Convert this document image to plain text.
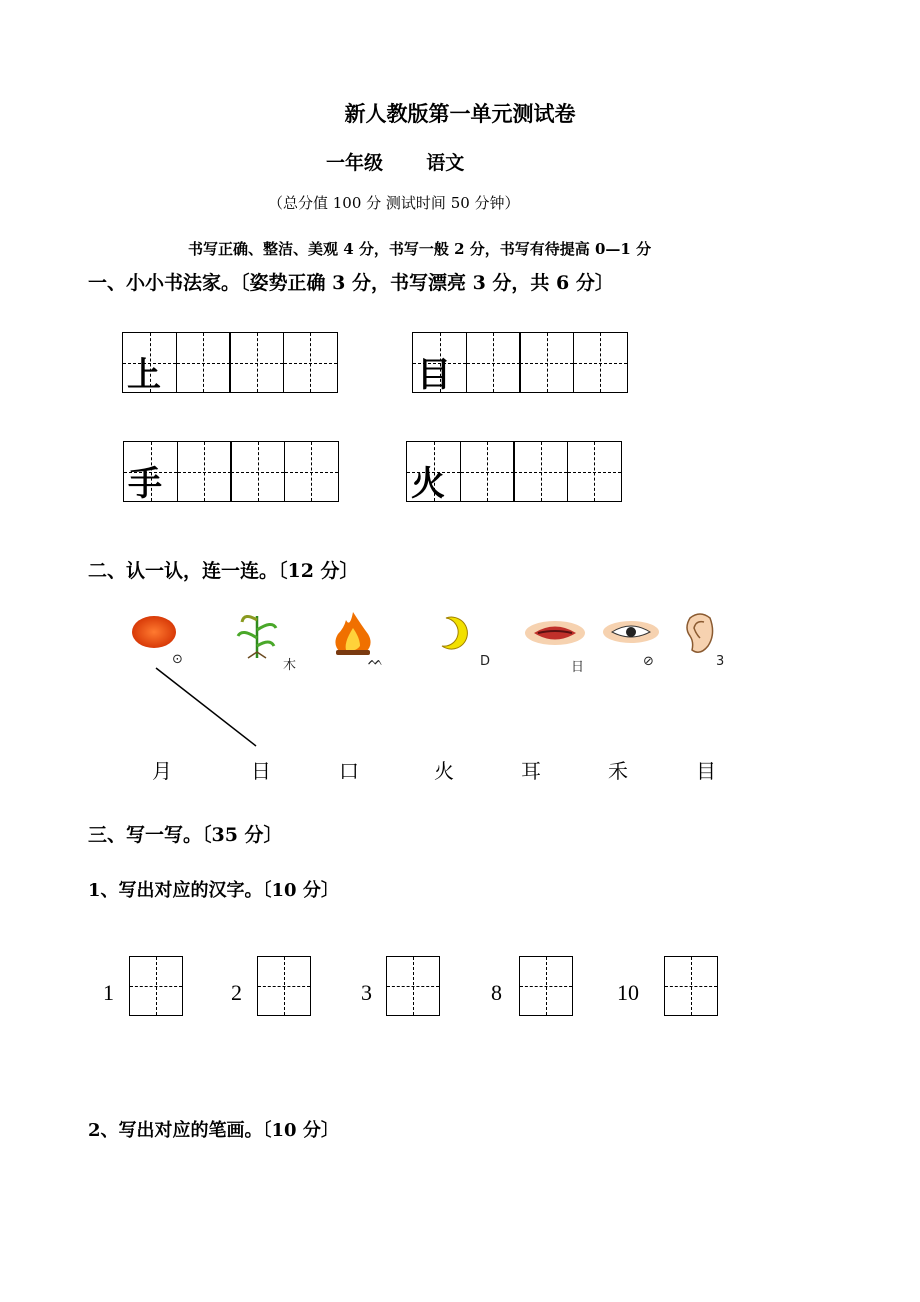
新人教版第一单元测试卷
一年级 语文
（总分值 100 分 测试时间 50 分钟）
书写正确、整洁、美观 4 分，书写一般 2 分，书写有待提高 0—1 分
一、小小书法家。〔姿势正确 3 分，书写漂亮 3 分，共 6 分〕
上	目
手	火
二、认一认，连一连。〔12 分〕
⊙	木	ᨓ	D	日	⊘	3
月	日	口	火	耳	禾	目
三、写一写。〔35 分〕
1、写出对应的汉字。〔10 分〕
1	2	3	8	10
2、写出对应的笔画。〔10 分〕
